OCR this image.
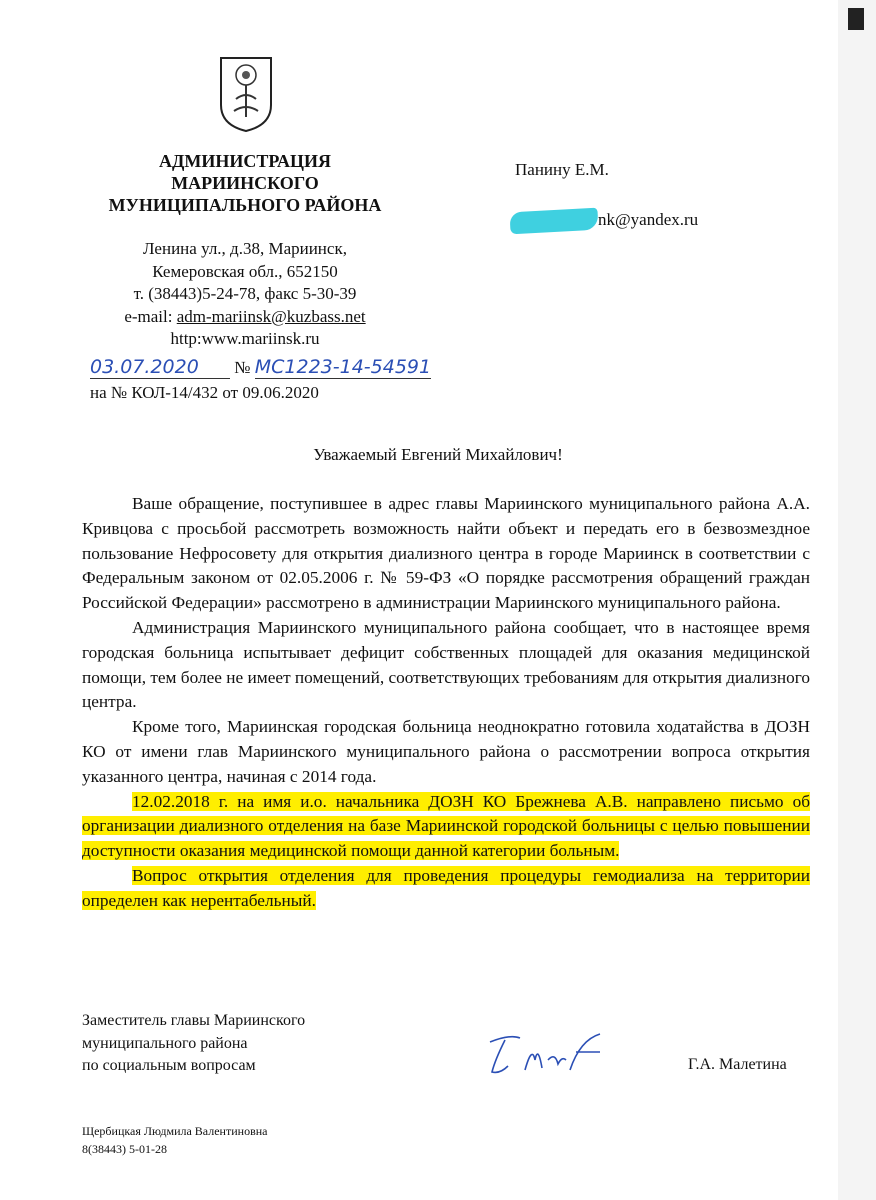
АДМИНИСТРАЦИЯ
МАРИИНСКОГО
МУНИЦИПАЛЬНОГО РАЙОНА
Ленина ул., д.38, Мариинск,
Кемеровская обл., 652150
т. (38443)5-24-78, факс 5-30-39
e-mail: adm-mariinsk@kuzbass.net
http:www.mariinsk.ru
Панину Е.М.
nk@yandex.ru
03.07.2020 № МС1223-14-54591
на № КОЛ-14/432 от 09.06.2020
Уважаемый Евгений Михайлович!

Ваше обращение, поступившее в адрес главы Мариинского муниципального района А.А. Кривцова с просьбой рассмотреть возможность найти объект и передать его в безвозмездное пользование Нефросовету для открытия диализного центра в городе Мариинск в соответствии с Федеральным законом от 02.05.2006 г. № 59-ФЗ «О порядке рассмотрения обращений граждан Российской Федерации» рассмотрено в администрации Мариинского муниципального района.

Администрация Мариинского муниципального района сообщает, что в настоящее время городская больница испытывает дефицит собственных площадей для оказания медицинской помощи, тем более не имеет помещений, соответствующих требованиям для открытия диализного центра.

Кроме того, Мариинская городская больница неоднократно готовила ходатайства в ДОЗН КО от имени глав Мариинского муниципального района о рассмотрении вопроса открытия указанного центра, начиная с 2014 года.

12.02.2018 г. на имя и.о. начальника ДОЗН КО Брежнева А.В. направлено письмо об организации диализного отделения на базе Мариинской городской больницы с целью повышении доступности оказания медицинской помощи данной категории больным.

Вопрос открытия отделения для проведения процедуры гемодиализа на территории определен как нерентабельный.

Заместитель главы Мариинского
муниципального района
по социальным вопросам	Г.А. Малетина
Щербицкая Людмила Валентиновна
8(38443) 5-01-28
